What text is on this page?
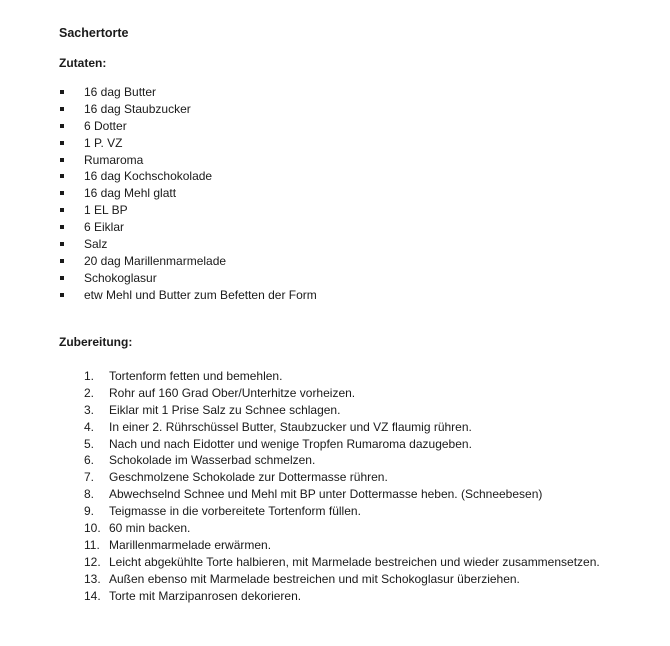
Sachertorte
Zutaten:
16 dag Butter
16 dag Staubzucker
6 Dotter
1 P. VZ
Rumaroma
16 dag Kochschokolade
16 dag Mehl glatt
1 EL BP
6 Eiklar
Salz
20 dag Marillenmarmelade
Schokoglasur
etw Mehl und Butter zum Befetten der Form
Zubereitung:
1. Tortenform fetten und bemehlen.
2. Rohr auf 160 Grad Ober/Unterhitze vorheizen.
3. Eiklar mit 1 Prise Salz zu Schnee schlagen.
4. In einer 2. Rührschüssel Butter, Staubzucker und VZ flaumig rühren.
5. Nach und nach Eidotter und wenige Tropfen Rumaroma dazugeben.
6. Schokolade im Wasserbad schmelzen.
7. Geschmolzene Schokolade zur Dottermasse rühren.
8. Abwechselnd Schnee und Mehl mit BP unter Dottermasse heben. (Schneebesen)
9. Teigmasse in die vorbereitete Tortenform füllen.
10. 60 min backen.
11. Marillenmarmelade erwärmen.
12. Leicht abgekühlte Torte halbieren, mit Marmelade bestreichen und wieder zusammensetzen.
13. Außen ebenso mit Marmelade bestreichen und mit Schokoglasur überziehen.
14. Torte mit Marzipanrosen dekorieren.
